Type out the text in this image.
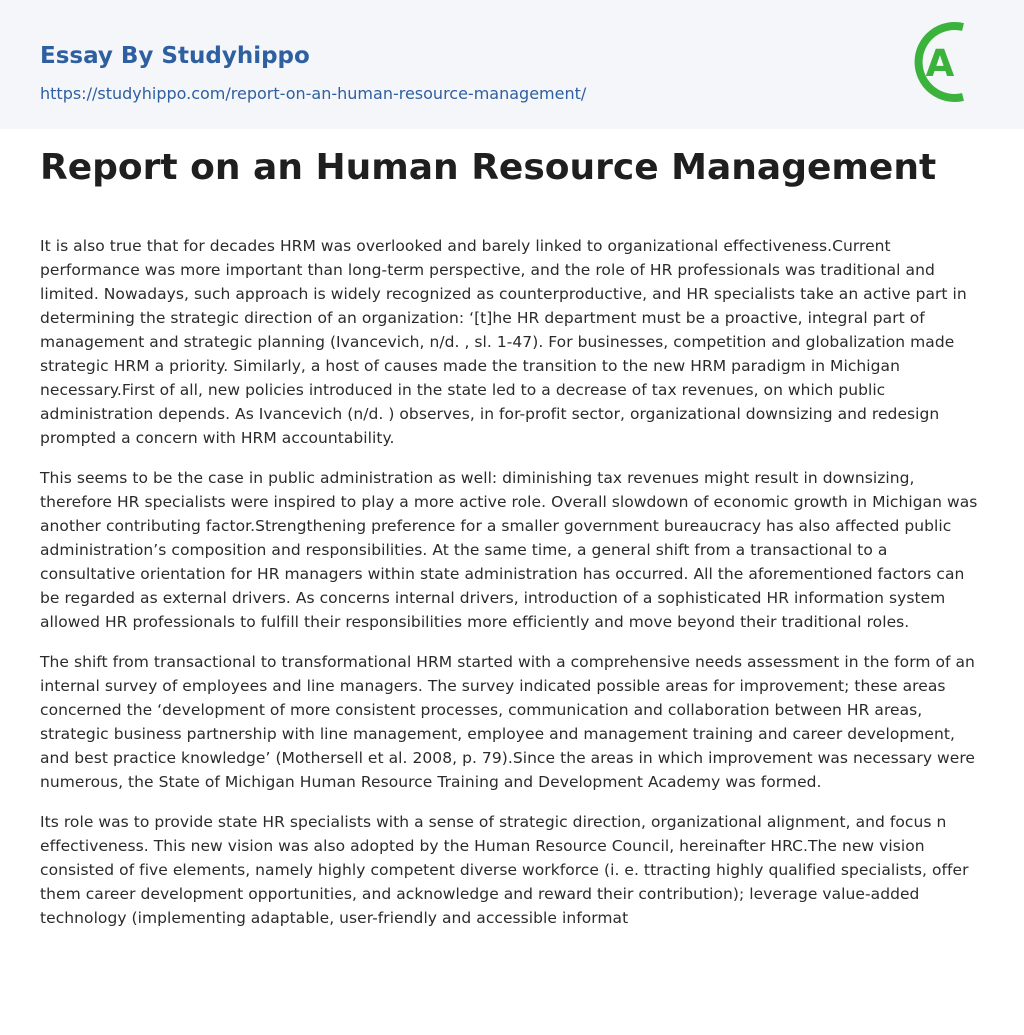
Essay By Studyhippo
https://studyhippo.com/report-on-an-human-resource-management/
A
Report on an Human Resource Management

It is also true that for decades HRM was overlooked and barely linked to organizational effectiveness.Current performance was more important than long-term perspective, and the role of HR professionals was traditional and limited. Nowadays, such approach is widely recognized as counterproductive, and HR specialists take an active part in determining the strategic direction of an organization: ‘[t]he HR department must be a proactive, integral part of management and strategic planning (Ivancevich, n/d. , sl. 1-47). For businesses, competition and globalization made strategic HRM a priority. Similarly, a host of causes made the transition to the new HRM paradigm in Michigan necessary.First of all, new policies introduced in the state led to a decrease of tax revenues, on which public administration depends. As Ivancevich (n/d. ) observes, in for-profit sector, organizational downsizing and redesign prompted a concern with HRM accountability.

This seems to be the case in public administration as well: diminishing tax revenues might result in downsizing, therefore HR specialists were inspired to play a more active role. Overall slowdown of economic growth in Michigan was another contributing factor.Strengthening preference for a smaller government bureaucracy has also affected public administration’s composition and responsibilities. At the same time, a general shift from a transactional to a consultative orientation for HR managers within state administration has occurred. All the aforementioned factors can be regarded as external drivers. As concerns internal drivers, introduction of a sophisticated HR information system allowed HR professionals to fulfill their responsibilities more efficiently and move beyond their traditional roles.

The shift from transactional to transformational HRM started with a comprehensive needs assessment in the form of an internal survey of employees and line managers. The survey indicated possible areas for improvement; these areas concerned the ‘development of more consistent processes, communication and collaboration between HR areas, strategic business partnership with line management, employee and management training and career development, and best practice knowledge’ (Mothersell et al. 2008, p. 79).Since the areas in which improvement was necessary were numerous, the State of Michigan Human Resource Training and Development Academy was formed.

Its role was to provide state HR specialists with a sense of strategic direction, organizational alignment, and focus n effectiveness. This new vision was also adopted by the Human Resource Council, hereinafter HRC.The new vision consisted of five elements, namely highly competent diverse workforce (i. e. ttracting highly qualified specialists, offer them career development opportunities, and acknowledge and reward their contribution); leverage value-added technology (implementing adaptable, user-friendly and accessible informat
